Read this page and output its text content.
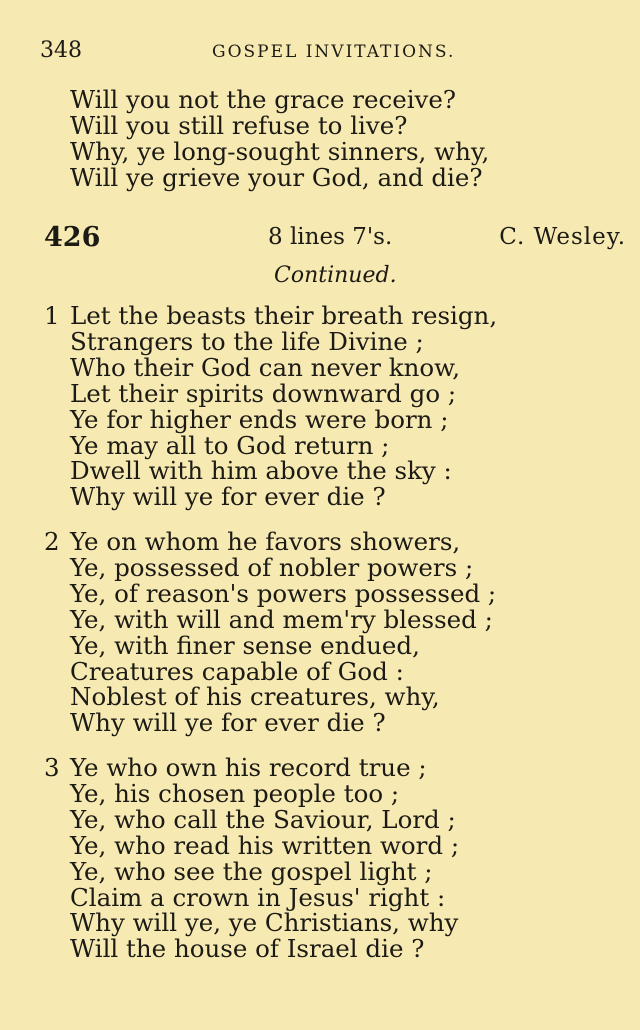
348	GOSPEL INVITATIONS.
Will you not the grace receive?
Will you still refuse to live?
Why, ye long-sought sinners, why,
Will ye grieve your God, and die?
426	8 lines 7's.	C. Wesley.
Continued.
1 Let the beasts their breath resign,
Strangers to the life Divine ;
Who their God can never know,
Let their spirits downward go ;
Ye for higher ends were born ;
Ye may all to God return ;
Dwell with him above the sky :
Why will ye for ever die ?
2 Ye on whom he favors showers,
Ye, possessed of nobler powers ;
Ye, of reason's powers possessed ;
Ye, with will and mem'ry blessed ;
Ye, with finer sense endued,
Creatures capable of God :
Noblest of his creatures, why,
Why will ye for ever die ?
3 Ye who own his record true ;
Ye, his chosen people too ;
Ye, who call the Saviour, Lord ;
Ye, who read his written word ;
Ye, who see the gospel light ;
Claim a crown in Jesus' right :
Why will ye, ye Christians, why
Will the house of Israel die ?
